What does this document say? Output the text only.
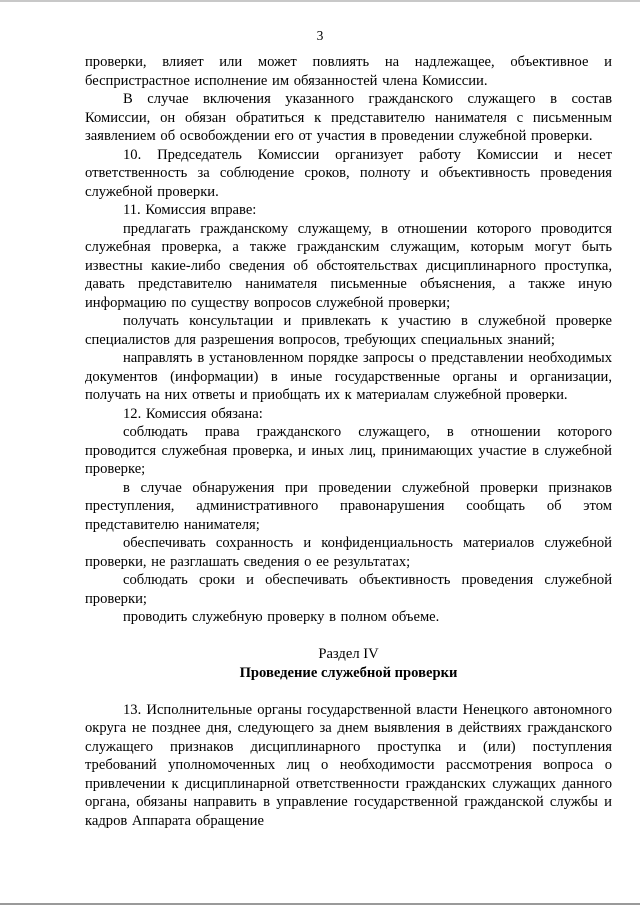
3

проверки, влияет или может повлиять на надлежащее, объективное и беспристрастное исполнение им обязанностей члена Комиссии.

В случае включения указанного гражданского служащего в состав Комиссии, он обязан обратиться к представителю нанимателя с письменным заявлением об освобождении его от участия в проведении служебной проверки.

10. Председатель Комиссии организует работу Комиссии и несет ответственность за соблюдение сроков, полноту и объективность проведения служебной проверки.

11. Комиссия вправе:

предлагать гражданскому служащему, в отношении которого проводится служебная проверка, а также гражданским служащим, которым могут быть известны какие-либо сведения об обстоятельствах дисциплинарного проступка, давать представителю нанимателя письменные объяснения, а также иную информацию по существу вопросов служебной проверки;

получать консультации и привлекать к участию в служебной проверке специалистов для разрешения вопросов, требующих специальных знаний;

направлять в установленном порядке запросы о представлении необходимых документов (информации) в иные государственные органы и организации, получать на них ответы и приобщать их к материалам служебной проверки.

12. Комиссия обязана:

соблюдать права гражданского служащего, в отношении которого проводится служебная проверка, и иных лиц, принимающих участие в служебной проверке;

в случае обнаружения при проведении служебной проверки признаков преступления, административного правонарушения сообщать об этом представителю нанимателя;

обеспечивать сохранность и конфиденциальность материалов служебной проверки, не разглашать сведения о ее результатах;

соблюдать сроки и обеспечивать объективность проведения служебной проверки;

проводить служебную проверку в полном объеме.

Раздел IV

Проведение служебной проверки

13. Исполнительные органы государственной власти Ненецкого автономного округа не позднее дня, следующего за днем выявления в действиях гражданского служащего признаков дисциплинарного проступка и (или) поступления требований уполномоченных лиц о необходимости рассмотрения вопроса о привлечении к дисциплинарной ответственности гражданских служащих данного органа, обязаны направить в управление государственной гражданской службы и кадров Аппарата обращение
